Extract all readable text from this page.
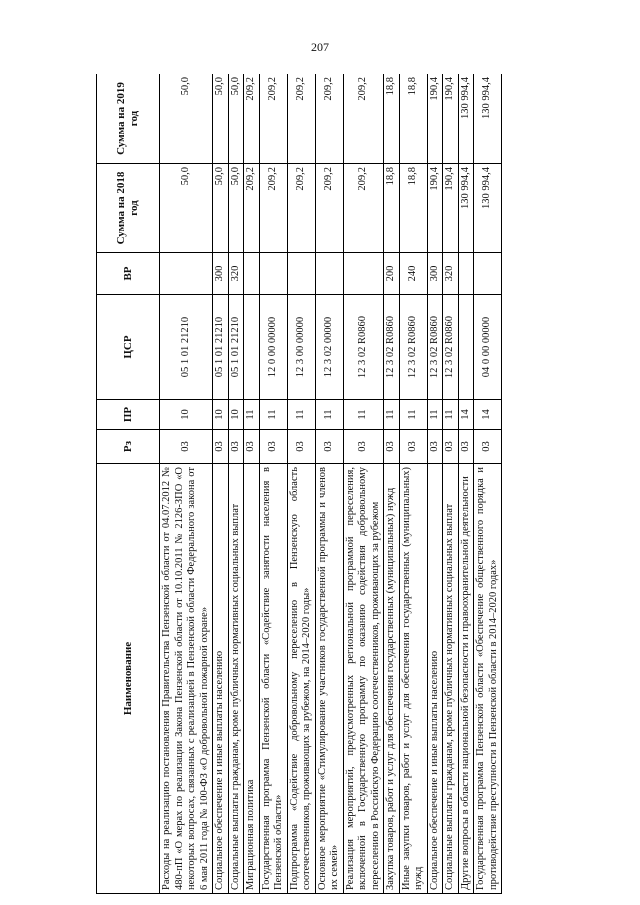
207
Наименование	Рз	ПР	ЦСР	ВР	Сумма на 2018 год	Сумма на 2019 год
Расходы на реализацию постановления Правительства Пензенской области от 04.07.2012 № 480-пП «О мерах по реализации Закона Пензенской области от 10.10.2011 № 2126-ЗПО «О некоторых вопросах, связанных с реализацией в Пензенской области Федерального закона от 6 мая 2011 года № 100-ФЗ «О добровольной пожарной охране»	03	10	05 1 01 21210		50,0	50,0
Социальное обеспечение и иные выплаты населению	03	10	05 1 01 21210	300	50,0	50,0
Социальные выплаты гражданам, кроме публичных нормативных социальных выплат	03	10	05 1 01 21210	320	50,0	50,0
Миграционная политика	03	11			209,2	209,2
Государственная программа Пензенской области «Содействие занятости населения в Пензенской области»	03	11	12 0 00 00000		209,2	209,2
Подпрограмма «Содействие добровольному переселению в Пензенскую область соотечественников, проживающих за рубежом, на 2014–2020 годы»	03	11	12 3 00 00000		209,2	209,2
Основное мероприятие «Стимулирование участников государственной программы и членов их семей»	03	11	12 3 02 00000		209,2	209,2
Реализация мероприятий, предусмотренных региональной программой переселения, включенной в Государственную программу по оказанию содействия добровольному переселению в Российскую Федерацию соотечественников, проживающих за рубежом	03	11	12 3 02 R0860		209,2	209,2
Закупка товаров, работ и услуг для обеспечения государственных (муниципальных) нужд	03	11	12 3 02 R0860	200	18,8	18,8
Иные закупки товаров, работ и услуг для обеспечения государственных (муниципальных) нужд	03	11	12 3 02 R0860	240	18,8	18,8
Социальное обеспечение и иные выплаты населению	03	11	12 3 02 R0860	300	190,4	190,4
Социальные выплаты гражданам, кроме публичных нормативных социальных выплат	03	11	12 3 02 R0860	320	190,4	190,4
Другие вопросы в области национальной безопасности и правоохранительной деятельности	03	14			130 994,4	130 994,4
Государственная программа Пензенской области «Обеспечение общественного порядка и противодействие преступности в Пензенской области в 2014–2020 годах»	03	14	04 0 00 00000		130 994,4	130 994,4
